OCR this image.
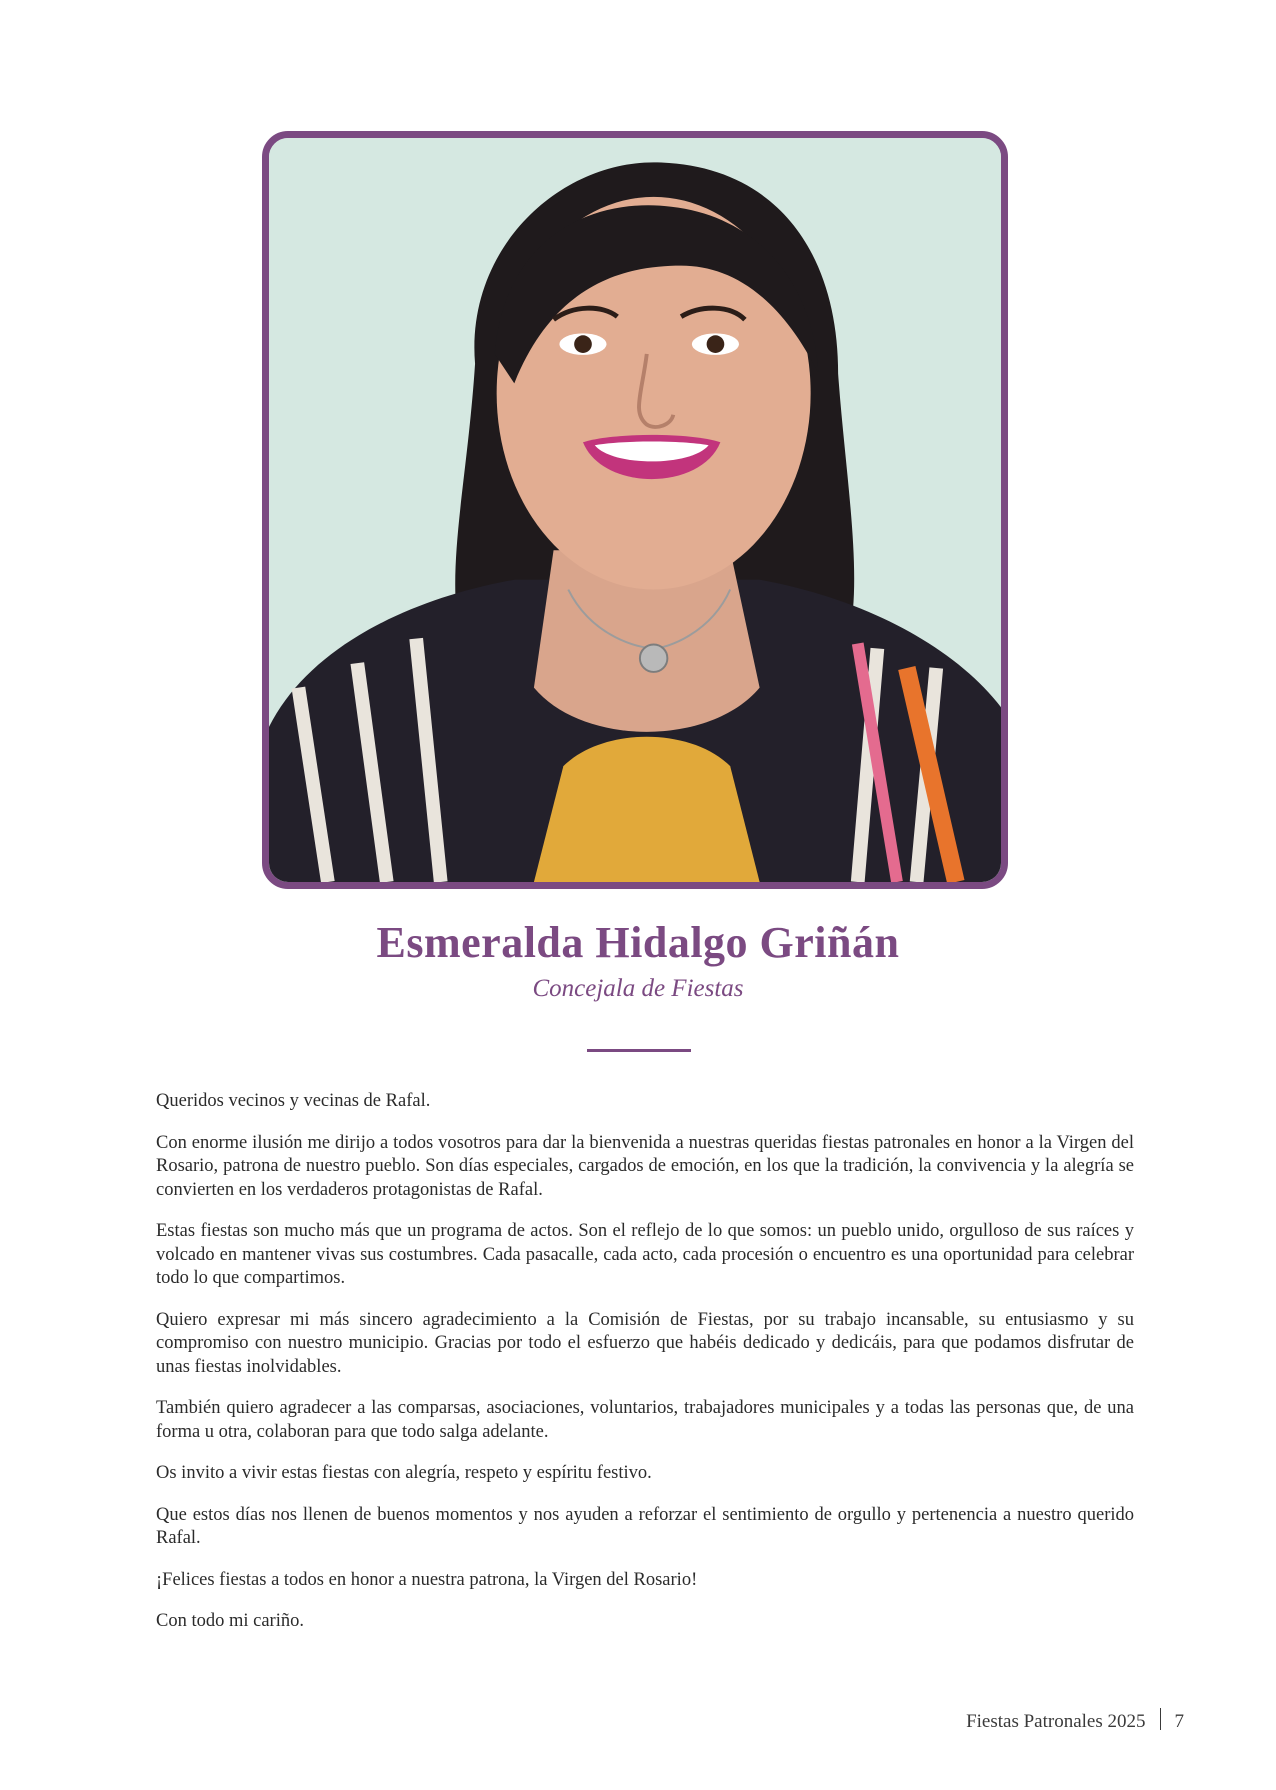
Esmeralda Hidalgo Griñán
Concejala de Fiestas

Queridos vecinos y vecinas de Rafal.

Con enorme ilusión me dirijo a todos vosotros para dar la bienvenida a nuestras queridas fiestas patronales en honor a la Virgen del Rosario, patrona de nuestro pueblo. Son días especiales, cargados de emoción, en los que la tradición, la convivencia y la alegría se convierten en los verdaderos protagonistas de Rafal.

Estas fiestas son mucho más que un programa de actos. Son el reflejo de lo que somos: un pueblo unido, orgulloso de sus raíces y volcado en mantener vivas sus costumbres. Cada pasacalle, cada acto, cada procesión o encuentro es una oportunidad para celebrar todo lo que compartimos.

Quiero expresar mi más sincero agradecimiento a la Comisión de Fiestas, por su trabajo incansable, su entusiasmo y su compromiso con nuestro municipio. Gracias por todo el esfuerzo que habéis dedicado y dedicáis, para que podamos disfrutar de unas fiestas inolvidables.

También quiero agradecer a las comparsas, asociaciones, voluntarios, trabajadores municipales y a todas las personas que, de una forma u otra, colaboran para que todo salga adelante.

Os invito a vivir estas fiestas con alegría, respeto y espíritu festivo.

Que estos días nos llenen de buenos momentos y nos ayuden a reforzar el sentimiento de orgullo y pertenencia a nuestro querido Rafal.

¡Felices fiestas a todos en honor a nuestra patrona, la Virgen del Rosario!

Con todo mi cariño.

Fiestas Patronales 2025 7
